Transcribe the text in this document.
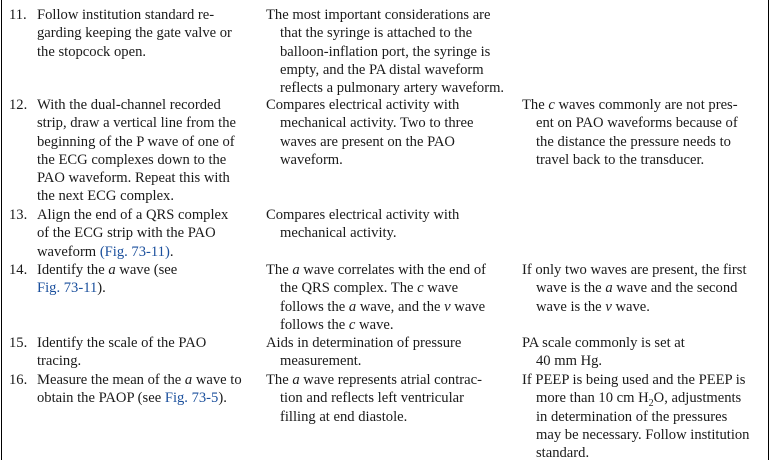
11. Follow institution standard re-
garding keeping the gate valve or
the stopcock open.
The most important considerations are
that the syringe is attached to the
balloon-inflation port, the syringe is
empty, and the PA distal waveform
reflects a pulmonary artery waveform.
12. With the dual-channel recorded
strip, draw a vertical line from the
beginning of the P wave of one of
the ECG complexes down to the
PAO waveform. Repeat this with
the next ECG complex.
Compares electrical activity with
mechanical activity. Two to three
waves are present on the PAO
waveform.
The c waves commonly are not pres-
ent on PAO waveforms because of
the distance the pressure needs to
travel back to the transducer.
13. Align the end of a QRS complex
of the ECG strip with the PAO
waveform (Fig. 73-11).
Compares electrical activity with
mechanical activity.
14. Identify the a wave (see
Fig. 73-11).
The a wave correlates with the end of
the QRS complex. The c wave
follows the a wave, and the v wave
follows the c wave.
If only two waves are present, the first
wave is the a wave and the second
wave is the v wave.
15. Identify the scale of the PAO
tracing.
Aids in determination of pressure
measurement.
PA scale commonly is set at
40 mm Hg.
16. Measure the mean of the a wave to
obtain the PAOP (see Fig. 73-5).
The a wave represents atrial contrac-
tion and reflects left ventricular
filling at end diastole.
If PEEP is being used and the PEEP is
more than 10 cm $H_2O$, adjustments
in determination of the pressures
may be necessary. Follow institution
standard.
